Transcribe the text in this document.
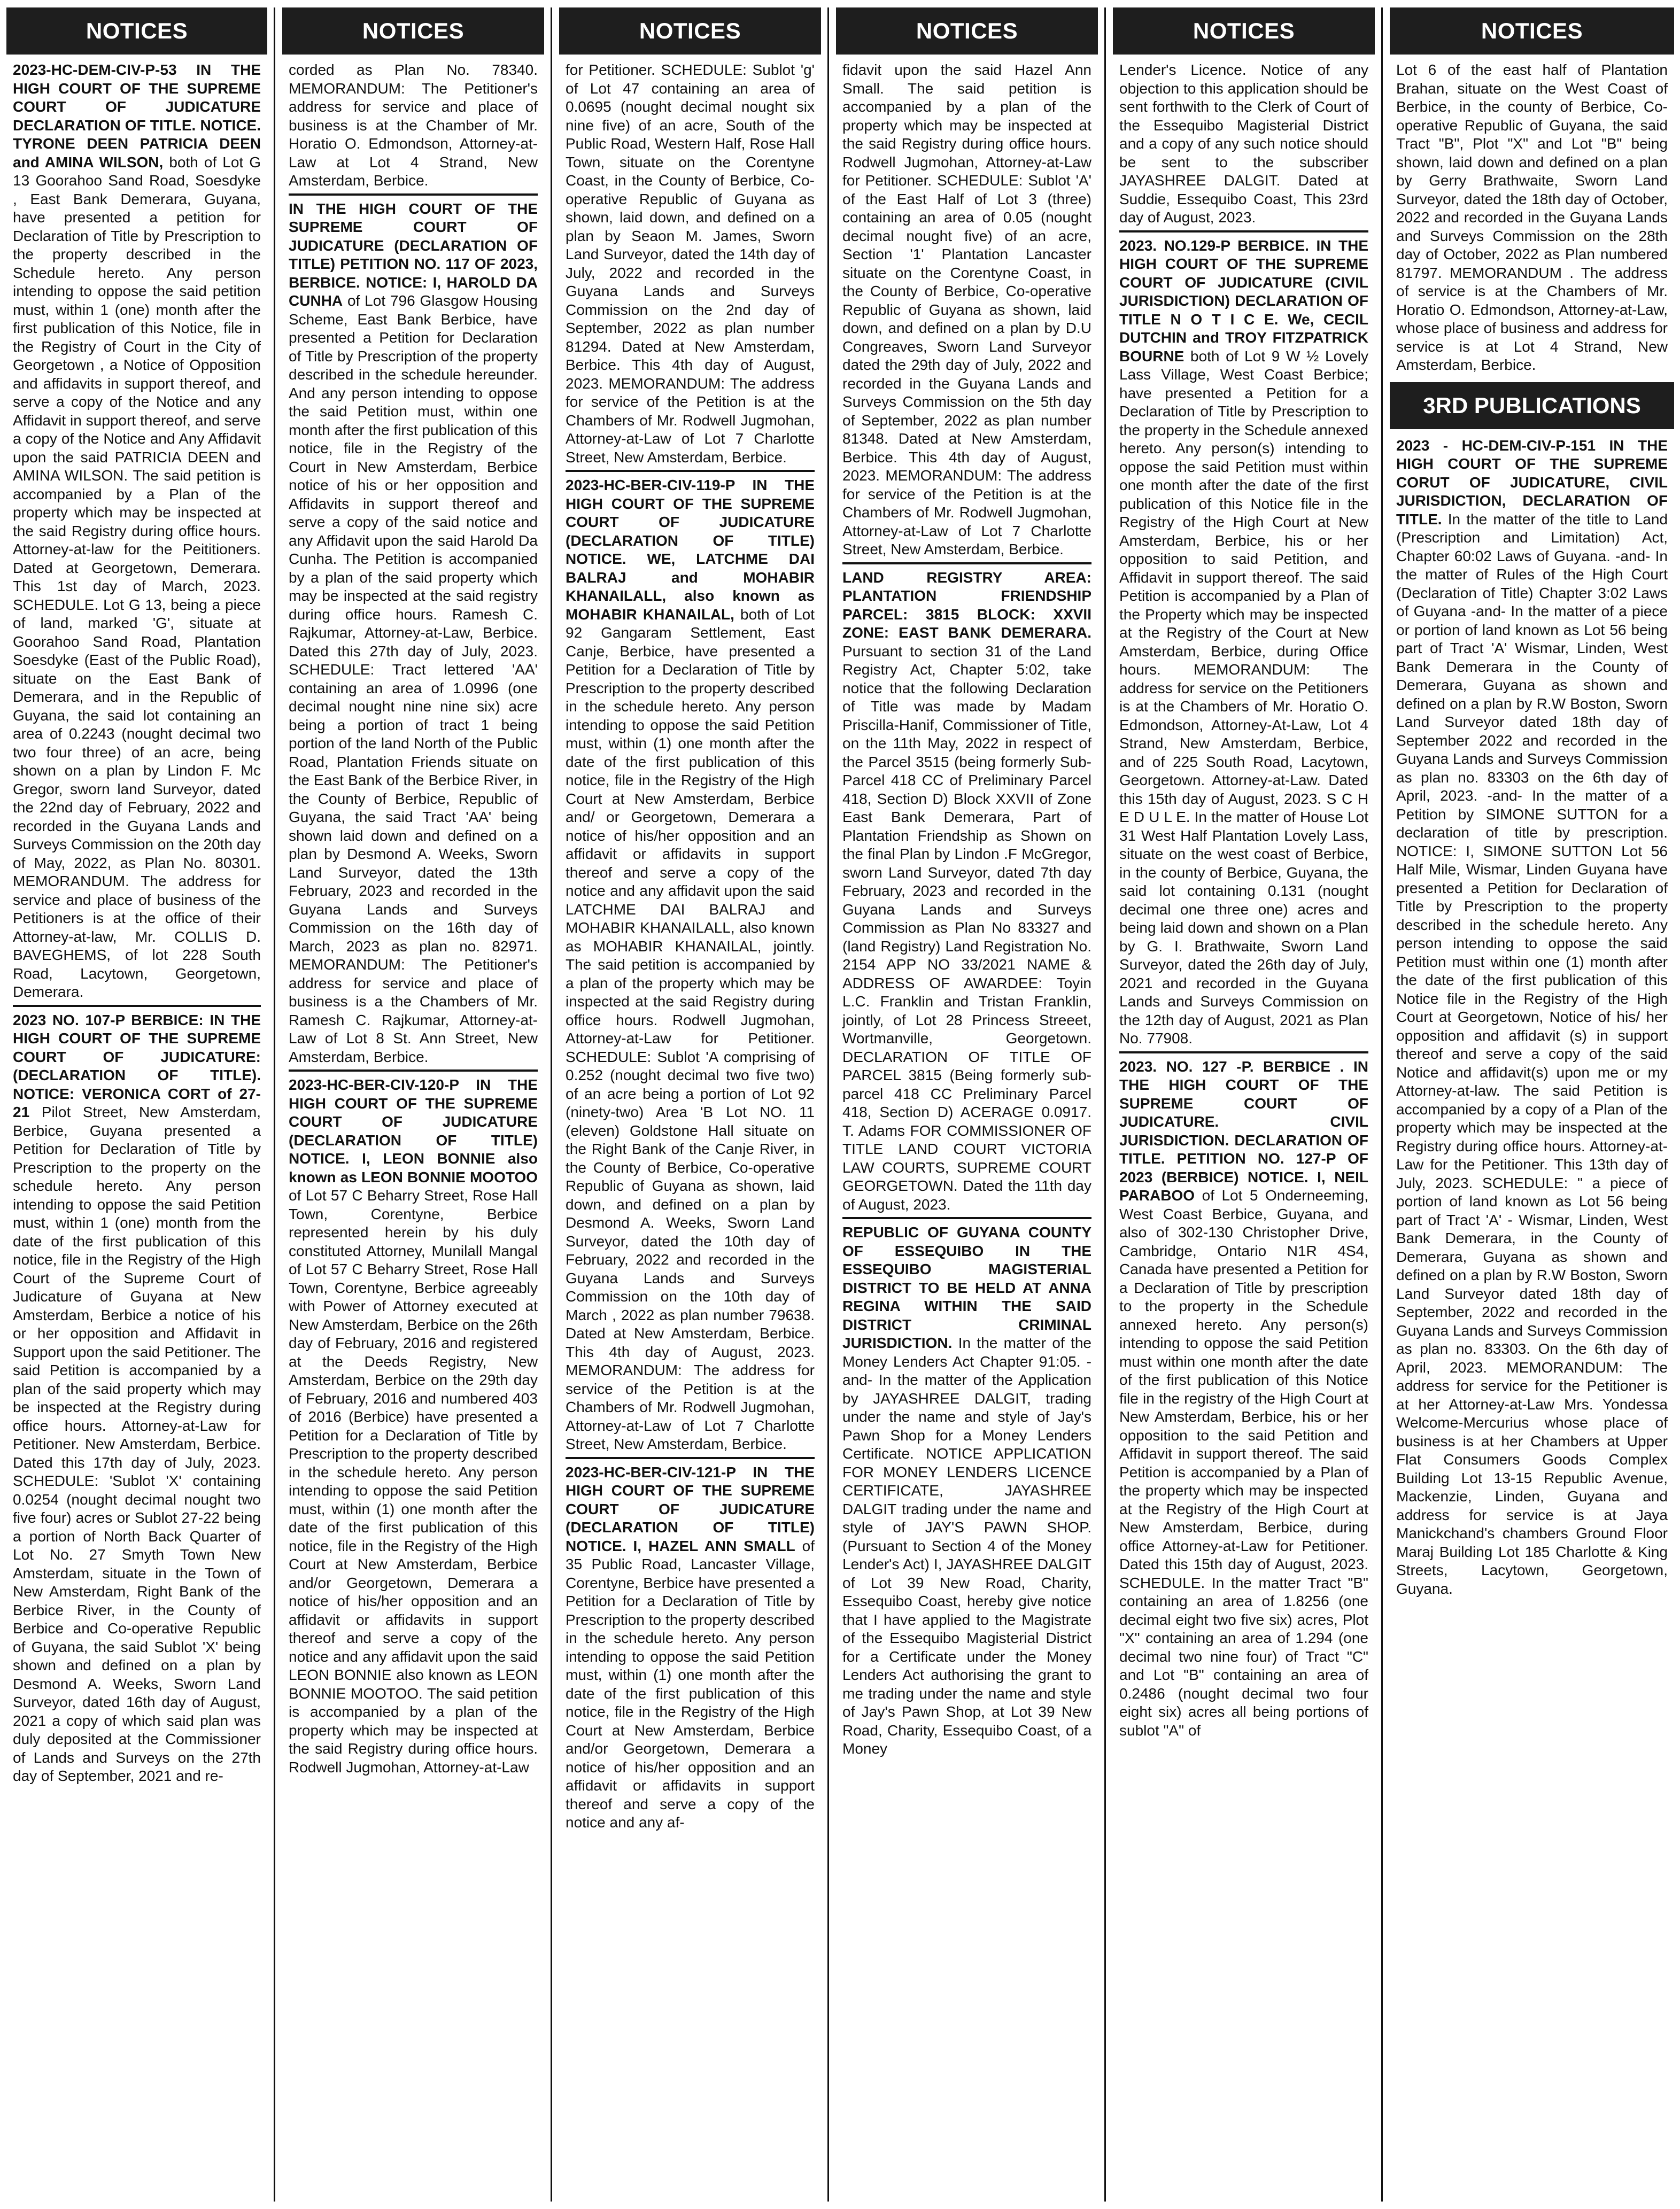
NOTICES

2023-HC-DEM-CIV-P-53 IN THE HIGH COURT OF THE SUPREME COURT OF JUDICATURE DECLARATION OF TITLE. NOTICE. TYRONE DEEN PATRICIA DEEN and AMINA WILSON, both of Lot G 13 Goorahoo Sand Road, Soesdyke , East Bank Demerara, Guyana, have presented a petition for Declaration of Title by Prescription to the property described in the Schedule hereto. Any person intending to oppose the said petition must, within 1 (one) month after the first publication of this Notice, file in the Registry of Court in the City of Georgetown , a Notice of Opposition and affidavits in support thereof, and serve a copy of the Notice and any Affidavit in support thereof, and serve a copy of the Notice and Any Affidavit upon the said PATRICIA DEEN and AMINA WILSON. The said petition is accompanied by a Plan of the property which may be inspected at the said Registry during office hours. Attorney-at-law for the Peititioners. Dated at Georgetown, Demerara. This 1st day of March, 2023. SCHEDULE. Lot G 13, being a piece of land, marked 'G', situate at Goorahoo Sand Road, Plantation Soesdyke (East of the Public Road), situate on the East Bank of Demerara, and in the Republic of Guyana, the said lot containing an area of 0.2243 (nought decimal two two four three) of an acre, being shown on a plan by Lindon F. Mc Gregor, sworn land Surveyor, dated the 22nd day of February, 2022 and recorded in the Guyana Lands and Surveys Commission on the 20th day of May, 2022, as Plan No. 80301. MEMORANDUM. The address for service and place of business of the Petitioners is at the office of their Attorney-at-law, Mr. COLLIS D. BAVEGHEMS, of lot 228 South Road, Lacytown, Georgetown, Demerara.

2023 NO. 107-P BERBICE: IN THE HIGH COURT OF THE SUPREME COURT OF JUDICATURE: (DECLARATION OF TITLE). NOTICE: VERONICA CORT of 27-21 Pilot Street, New Amsterdam, Berbice, Guyana presented a Petition for Declaration of Title by Prescription to the property on the schedule hereto. Any person intending to oppose the said Petition must, within 1 (one) month from the date of the first publication of this notice, file in the Registry of the High Court of the Supreme Court of Judicature of Guyana at New Amsterdam, Berbice a notice of his or her opposition and Affidavit in Support upon the said Petitioner. The said Petition is accompanied by a plan of the said property which may be inspected at the Registry during office hours. Attorney-at-Law for Petitioner. New Amsterdam, Berbice. Dated this 17th day of July, 2023. SCHEDULE: 'Sublot 'X' containing 0.0254 (nought decimal nought two five four) acres or Sublot 27-22 being a portion of North Back Quarter of Lot No. 27 Smyth Town New Amsterdam, situate in the Town of New Amsterdam, Right Bank of the Berbice River, in the County of Berbice and Co-operative Republic of Guyana, the said Sublot 'X' being shown and defined on a plan by Desmond A. Weeks, Sworn Land Surveyor, dated 16th day of August, 2021 a copy of which said plan was duly deposited at the Commissioner of Lands and Surveys on the 27th day of September, 2021 and re-

NOTICES

corded as Plan No. 78340. MEMORANDUM: The Petitioner's address for service and place of business is at the Chamber of Mr. Horatio O. Edmondson, Attorney-at-Law at Lot 4 Strand, New Amsterdam, Berbice.

IN THE HIGH COURT OF THE SUPREME COURT OF JUDICATURE (DECLARATION OF TITLE) PETITION NO. 117 OF 2023, BERBICE. NOTICE: I, HAROLD DA CUNHA of Lot 796 Glasgow Housing Scheme, East Bank Berbice, have presented a Petition for Declaration of Title by Prescription of the property described in the schedule hereunder. And any person intending to oppose the said Petition must, within one month after the first publication of this notice, file in the Registry of the Court in New Amsterdam, Berbice notice of his or her opposition and Affidavits in support thereof and serve a copy of the said notice and any Affidavit upon the said Harold Da Cunha. The Petition is accompanied by a plan of the said property which may be inspected at the said registry during office hours. Ramesh C. Rajkumar, Attorney-at-Law, Berbice. Dated this 27th day of July, 2023. SCHEDULE: Tract lettered 'AA' containing an area of 1.0996 (one decimal nought nine nine six) acre being a portion of tract 1 being portion of the land North of the Public Road, Plantation Friends situate on the East Bank of the Berbice River, in the County of Berbice, Republic of Guyana, the said Tract 'AA' being shown laid down and defined on a plan by Desmond A. Weeks, Sworn Land Surveyor, dated the 13th February, 2023 and recorded in the Guyana Lands and Surveys Commission on the 16th day of March, 2023 as plan no. 82971. MEMORANDUM: The Petitioner's address for service and place of business is a the Chambers of Mr. Ramesh C. Rajkumar, Attorney-at-Law of Lot 8 St. Ann Street, New Amsterdam, Berbice.

2023-HC-BER-CIV-120-P IN THE HIGH COURT OF THE SUPREME COURT OF JUDICATURE (DECLARATION OF TITLE) NOTICE. I, LEON BONNIE also known as LEON BONNIE MOOTOO of Lot 57 C Beharry Street, Rose Hall Town, Corentyne, Berbice represented herein by his duly constituted Attorney, Munilall Mangal of Lot 57 C Beharry Street, Rose Hall Town, Corentyne, Berbice agreeably with Power of Attorney executed at New Amsterdam, Berbice on the 26th day of February, 2016 and registered at the Deeds Registry, New Amsterdam, Berbice on the 29th day of February, 2016 and numbered 403 of 2016 (Berbice) have presented a Petition for a Declaration of Title by Prescription to the property described in the schedule hereto. Any person intending to oppose the said Petition must, within (1) one month after the date of the first publication of this notice, file in the Registry of the High Court at New Amsterdam, Berbice and/or Georgetown, Demerara a notice of his/her opposition and an affidavit or affidavits in support thereof and serve a copy of the notice and any affidavit upon the said LEON BONNIE also known as LEON BONNIE MOOTOO. The said petition is accompanied by a plan of the property which may be inspected at the said Registry during office hours. Rodwell Jugmohan, Attorney-at-Law

NOTICES

for Petitioner. SCHEDULE: Sublot 'g' of Lot 47 containing an area of 0.0695 (nought decimal nought six nine five) of an acre, South of the Public Road, Western Half, Rose Hall Town, situate on the Corentyne Coast, in the County of Berbice, Co-operative Republic of Guyana as shown, laid down, and defined on a plan by Seaon M. James, Sworn Land Surveyor, dated the 14th day of July, 2022 and recorded in the Guyana Lands and Surveys Commission on the 2nd day of September, 2022 as plan number 81294. Dated at New Amsterdam, Berbice. This 4th day of August, 2023. MEMORANDUM: The address for service of the Petition is at the Chambers of Mr. Rodwell Jugmohan, Attorney-at-Law of Lot 7 Charlotte Street, New Amsterdam, Berbice.

2023-HC-BER-CIV-119-P IN THE HIGH COURT OF THE SUPREME COURT OF JUDICATURE (DECLARATION OF TITLE) NOTICE. WE, LATCHME DAI BALRAJ and MOHABIR KHANAILALL, also known as MOHABIR KHANAILAL, both of Lot 92 Gangaram Settlement, East Canje, Berbice, have presented a Petition for a Declaration of Title by Prescription to the property described in the schedule hereto. Any person intending to oppose the said Petition must, within (1) one month after the date of the first publication of this notice, file in the Registry of the High Court at New Amsterdam, Berbice and/ or Georgetown, Demerara a notice of his/her opposition and an affidavit or affidavits in support thereof and serve a copy of the notice and any affidavit upon the said LATCHME DAI BALRAJ and MOHABIR KHANAILALL, also known as MOHABIR KHANAILAL, jointly. The said petition is accompanied by a plan of the property which may be inspected at the said Registry during office hours. Rodwell Jugmohan, Attorney-at-Law for Petitioner. SCHEDULE: Sublot 'A comprising of 0.252 (nought decimal two five two) of an acre being a portion of Lot 92 (ninety-two) Area 'B Lot NO. 11 (eleven) Goldstone Hall situate on the Right Bank of the Canje River, in the County of Berbice, Co-operative Republic of Guyana as shown, laid down, and defined on a plan by Desmond A. Weeks, Sworn Land Surveyor, dated the 10th day of February, 2022 and recorded in the Guyana Lands and Surveys Commission on the 10th day of March , 2022 as plan number 79638. Dated at New Amsterdam, Berbice. This 4th day of August, 2023. MEMORANDUM: The address for service of the Petition is at the Chambers of Mr. Rodwell Jugmohan, Attorney-at-Law of Lot 7 Charlotte Street, New Amsterdam, Berbice.

2023-HC-BER-CIV-121-P IN THE HIGH COURT OF THE SUPREME COURT OF JUDICATURE (DECLARATION OF TITLE) NOTICE. I, HAZEL ANN SMALL of 35 Public Road, Lancaster Village, Corentyne, Berbice have presented a Petition for a Declaration of Title by Prescription to the property described in the schedule hereto. Any person intending to oppose the said Petition must, within (1) one month after the date of the first publication of this notice, file in the Registry of the High Court at New Amsterdam, Berbice and/or Georgetown, Demerara a notice of his/her opposition and an affidavit or affidavits in support thereof and serve a copy of the notice and any af-

NOTICES

fidavit upon the said Hazel Ann Small. The said petition is accompanied by a plan of the property which may be inspected at the said Registry during office hours. Rodwell Jugmohan, Attorney-at-Law for Petitioner. SCHEDULE: Sublot 'A' of the East Half of Lot 3 (three) containing an area of 0.05 (nought decimal nought five) of an acre, Section '1' Plantation Lancaster situate on the Corentyne Coast, in the County of Berbice, Co-operative Republic of Guyana as shown, laid down, and defined on a plan by D.U Congreaves, Sworn Land Surveyor dated the 29th day of July, 2022 and recorded in the Guyana Lands and Surveys Commission on the 5th day of September, 2022 as plan number 81348. Dated at New Amsterdam, Berbice. This 4th day of August, 2023. MEMORANDUM: The address for service of the Petition is at the Chambers of Mr. Rodwell Jugmohan, Attorney-at-Law of Lot 7 Charlotte Street, New Amsterdam, Berbice.

LAND REGISTRY AREA: PLANTATION FRIENDSHIP PARCEL: 3815 BLOCK: XXVII ZONE: EAST BANK DEMERARA. Pursuant to section 31 of the Land Registry Act, Chapter 5:02, take notice that the following Declaration of Title was made by Madam Priscilla-Hanif, Commissioner of Title, on the 11th May, 2022 in respect of the Parcel 3515 (being formerly Sub-Parcel 418 CC of Preliminary Parcel 418, Section D) Block XXVII of Zone East Bank Demerara, Part of Plantation Friendship as Shown on the final Plan by Lindon .F McGregor, sworn Land Surveyor, dated 7th day February, 2023 and recorded in the Guyana Lands and Surveys Commission as Plan No 83327 and (land Registry) Land Registration No. 2154 APP NO 33/2021 NAME & ADDRESS OF AWARDEE: Toyin L.C. Franklin and Tristan Franklin, jointly, of Lot 28 Princess Streeet, Wortmanville, Georgetown. DECLARATION OF TITLE OF PARCEL 3815 (Being formerly sub-parcel 418 CC Preliminary Parcel 418, Section D) ACERAGE 0.0917. T. Adams FOR COMMISSIONER OF TITLE LAND COURT VICTORIA LAW COURTS, SUPREME COURT GEORGETOWN. Dated the 11th day of August, 2023.

REPUBLIC OF GUYANA COUNTY OF ESSEQUIBO IN THE ESSEQUIBO MAGISTERIAL DISTRICT TO BE HELD AT ANNA REGINA WITHIN THE SAID DISTRICT CRIMINAL JURISDICTION. In the matter of the Money Lenders Act Chapter 91:05. -and- In the matter of the Application by JAYASHREE DALGIT, trading under the name and style of Jay's Pawn Shop for a Money Lenders Certificate. NOTICE APPLICATION FOR MONEY LENDERS LICENCE CERTIFICATE, JAYASHREE DALGIT trading under the name and style of JAY'S PAWN SHOP. (Pursuant to Section 4 of the Money Lender's Act) I, JAYASHREE DALGIT of Lot 39 New Road, Charity, Essequibo Coast, hereby give notice that I have applied to the Magistrate of the Essequibo Magisterial District for a Certificate under the Money Lenders Act authorising the grant to me trading under the name and style of Jay's Pawn Shop, at Lot 39 New Road, Charity, Essequibo Coast, of a Money

NOTICES

Lender's Licence. Notice of any objection to this application should be sent forthwith to the Clerk of Court of the Essequibo Magisterial District and a copy of any such notice should be sent to the subscriber JAYASHREE DALGIT. Dated at Suddie, Essequibo Coast, This 23rd day of August, 2023.

2023. NO.129-P BERBICE. IN THE HIGH COURT OF THE SUPREME COURT OF JUDICATURE (CIVIL JURISDICTION) DECLARATION OF TITLE N O T I C E. We, CECIL DUTCHIN and TROY FITZPATRICK BOURNE both of Lot 9 W ½ Lovely Lass Village, West Coast Berbice; have presented a Petition for a Declaration of Title by Prescription to the property in the Schedule annexed hereto. Any person(s) intending to oppose the said Petition must within one month after the date of the first publication of this Notice file in the Registry of the High Court at New Amsterdam, Berbice, his or her opposition to said Petition, and Affidavit in support thereof. The said Petition is accompanied by a Plan of the Property which may be inspected at the Registry of the Court at New Amsterdam, Berbice, during Office hours. MEMORANDUM: The address for service on the Petitioners is at the Chambers of Mr. Horatio O. Edmondson, Attorney-At-Law, Lot 4 Strand, New Amsterdam, Berbice, and of 225 South Road, Lacytown, Georgetown. Attorney-at-Law. Dated this 15th day of August, 2023. S C H E D U L E. In the matter of House Lot 31 West Half Plantation Lovely Lass, situate on the west coast of Berbice, in the county of Berbice, Guyana, the said lot containing 0.131 (nought decimal one three one) acres and being laid down and shown on a Plan by G. I. Brathwaite, Sworn Land Surveyor, dated the 26th day of July, 2021 and recorded in the Guyana Lands and Surveys Commission on the 12th day of August, 2021 as Plan No. 77908.

2023. NO. 127 -P. BERBICE . IN THE HIGH COURT OF THE SUPREME COURT OF JUDICATURE. CIVIL JURISDICTION. DECLARATION OF TITLE. PETITION NO. 127-P OF 2023 (BERBICE) NOTICE. I, NEIL PARABOO of Lot 5 Onderneeming, West Coast Berbice, Guyana, and also of 302-130 Christopher Drive, Cambridge, Ontario N1R 4S4, Canada have presented a Petition for a Declaration of Title by prescription to the property in the Schedule annexed hereto. Any person(s) intending to oppose the said Petition must within one month after the date of the first publication of this Notice file in the registry of the High Court at New Amsterdam, Berbice, his or her opposition to the said Petition and Affidavit in support thereof. The said Petition is accompanied by a Plan of the property which may be inspected at the Registry of the High Court at New Amsterdam, Berbice, during office Attorney-at-Law for Petitioner. Dated this 15th day of August, 2023. SCHEDULE. In the matter Tract "B" containing an area of 1.8256 (one decimal eight two five six) acres, Plot "X" containing an area of 1.294 (one decimal two nine four) of Tract "C" and Lot "B" containing an area of 0.2486 (nought decimal two four eight six) acres all being portions of sublot "A" of

NOTICES

Lot 6 of the east half of Plantation Brahan, situate on the West Coast of Berbice, in the county of Berbice, Co-operative Republic of Guyana, the said Tract "B", Plot "X" and Lot "B" being shown, laid down and defined on a plan by Gerry Brathwaite, Sworn Land Surveyor, dated the 18th day of October, 2022 and recorded in the Guyana Lands and Surveys Commission on the 28th day of October, 2022 as Plan numbered 81797. MEMORANDUM . The address of service is at the Chambers of Mr. Horatio O. Edmondson, Attorney-at-Law, whose place of business and address for service is at Lot 4 Strand, New Amsterdam, Berbice.

3RD PUBLICATIONS

2023 - HC-DEM-CIV-P-151 IN THE HIGH COURT OF THE SUPREME CORUT OF JUDICATURE, CIVIL JURISDICTION, DECLARATION OF TITLE. In the matter of the title to Land (Prescription and Limitation) Act, Chapter 60:02 Laws of Guyana. -and- In the matter of Rules of the High Court (Declaration of Title) Chapter 3:02 Laws of Guyana -and- In the matter of a piece or portion of land known as Lot 56 being part of Tract 'A' Wismar, Linden, West Bank Demerara in the County of Demerara, Guyana as shown and defined on a plan by R.W Boston, Sworn Land Surveyor dated 18th day of September 2022 and recorded in the Guyana Lands and Surveys Commission as plan no. 83303 on the 6th day of April, 2023. -and- In the matter of a Petition by SIMONE SUTTON for a declaration of title by prescription. NOTICE: I, SIMONE SUTTON Lot 56 Half Mile, Wismar, Linden Guyana have presented a Petition for Declaration of Title by Prescription to the property described in the schedule hereto. Any person intending to oppose the said Petition must within one (1) month after the date of the first publication of this Notice file in the Registry of the High Court at Georgetown, Notice of his/ her opposition and affidavit (s) in support thereof and serve a copy of the said Notice and affidavit(s) upon me or my Attorney-at-law. The said Petition is accompanied by a copy of a Plan of the property which may be inspected at the Registry during office hours. Attorney-at-Law for the Petitioner. This 13th day of July, 2023. SCHEDULE: " a piece of portion of land known as Lot 56 being part of Tract 'A' - Wismar, Linden, West Bank Demerara, in the County of Demerara, Guyana as shown and defined on a plan by R.W Boston, Sworn Land Surveyor dated 18th day of September, 2022 and recorded in the Guyana Lands and Surveys Commission as plan no. 83303. On the 6th day of April, 2023. MEMORANDUM: The address for service for the Petitioner is at her Attorney-at-Law Mrs. Yondessa Welcome-Mercurius whose place of business is at her Chambers at Upper Flat Consumers Goods Complex Building Lot 13-15 Republic Avenue, Mackenzie, Linden, Guyana and address for service is at Jaya Manickchand's chambers Ground Floor Maraj Building Lot 185 Charlotte & King Streets, Lacytown, Georgetown, Guyana.
